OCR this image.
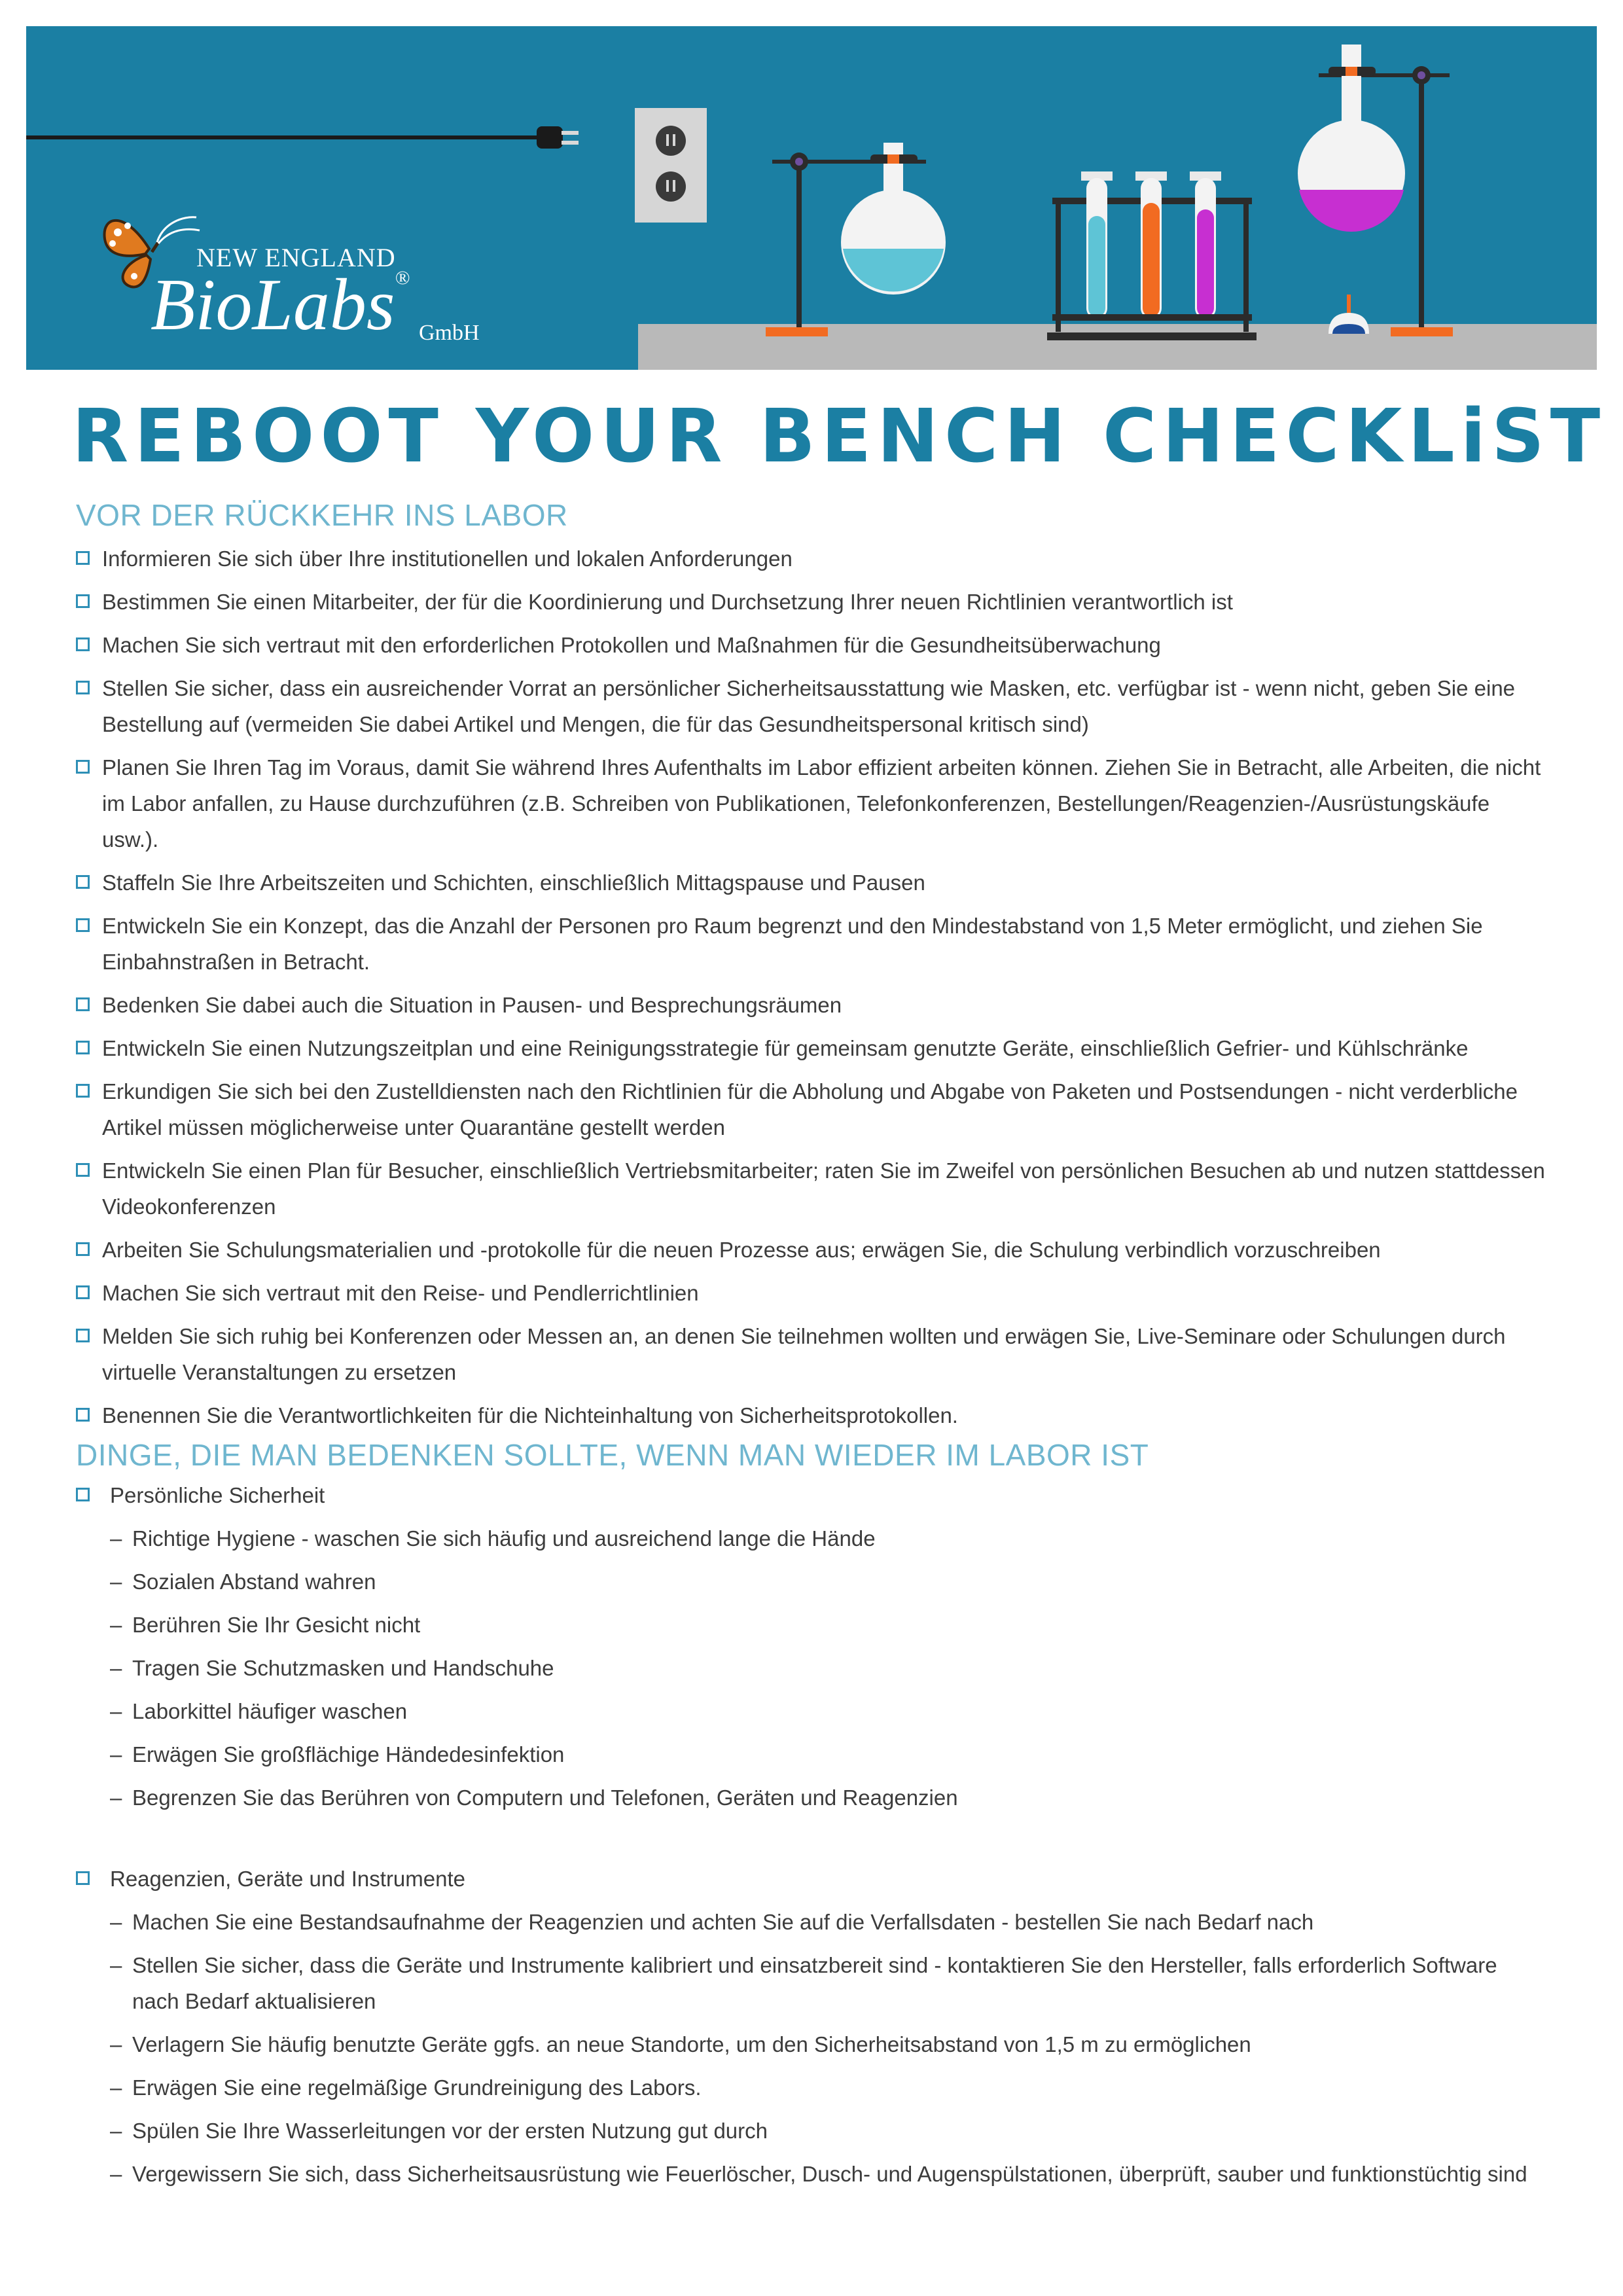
NEW ENGLAND
BioLabs®
GmbH
REBOOT YOUR BENCH CHECKLiST
VOR DER RÜCKKEHR INS LABOR
Informieren Sie sich über Ihre institutionellen und lokalen Anforderungen
Bestimmen Sie einen Mitarbeiter, der für die Koordinierung und Durchsetzung Ihrer neuen Richtlinien verantwortlich ist
Machen Sie sich vertraut mit den erforderlichen Protokollen und Maßnahmen für die Gesundheitsüberwachung
Stellen Sie sicher, dass ein ausreichender Vorrat an persönlicher Sicherheitsausstattung wie Masken, etc. verfügbar ist - wenn nicht, geben Sie eine Bestellung auf (vermeiden Sie dabei Artikel und Mengen, die für das Gesundheitspersonal kritisch sind)
Planen Sie Ihren Tag im Voraus, damit Sie während Ihres Aufenthalts im Labor effizient arbeiten können. Ziehen Sie in Betracht, alle Arbeiten, die nicht im Labor anfallen, zu Hause durchzuführen (z.B. Schreiben von Publikationen, Telefonkonferenzen, Bestellungen/Reagenzien-/Ausrüstungskäufe usw.).
Staffeln Sie Ihre Arbeitszeiten und Schichten, einschließlich Mittagspause und Pausen
Entwickeln Sie ein Konzept, das die Anzahl der Personen pro Raum begrenzt und den Mindestabstand von 1,5 Meter ermöglicht, und ziehen Sie Einbahnstraßen in Betracht.
Bedenken Sie dabei auch die Situation in Pausen- und Besprechungsräumen
Entwickeln Sie einen Nutzungszeitplan und eine Reinigungsstrategie für gemeinsam genutzte Geräte, einschließlich Gefrier- und Kühlschränke
Erkundigen Sie sich bei den Zustelldiensten nach den Richtlinien für die Abholung und Abgabe von Paketen und Postsendungen - nicht verderbliche Artikel müssen möglicherweise unter Quarantäne gestellt werden
Entwickeln Sie einen Plan für Besucher, einschließlich Vertriebsmitarbeiter; raten Sie im Zweifel von persönlichen Besuchen ab und nutzen stattdessen Videokonferenzen
Arbeiten Sie Schulungsmaterialien und -protokolle für die neuen Prozesse aus; erwägen Sie, die Schulung verbindlich vorzuschreiben
Machen Sie sich vertraut mit den Reise- und Pendlerrichtlinien
Melden Sie sich ruhig bei Konferenzen oder Messen an, an denen Sie teilnehmen wollten und erwägen Sie, Live-Seminare oder Schulungen durch virtuelle Veranstaltungen zu ersetzen
Benennen Sie die Verantwortlichkeiten für die Nichteinhaltung von Sicherheitsprotokollen.
DINGE, DIE MAN BEDENKEN SOLLTE, WENN MAN WIEDER IM LABOR IST
Persönliche Sicherheit
– Richtige Hygiene - waschen Sie sich häufig und ausreichend lange die Hände
– Sozialen Abstand wahren
– Berühren Sie Ihr Gesicht nicht
– Tragen Sie Schutzmasken und Handschuhe
– Laborkittel häufiger waschen
– Erwägen Sie großflächige Händedesinfektion
– Begrenzen Sie das Berühren von Computern und Telefonen, Geräten und Reagenzien
Reagenzien, Geräte und Instrumente
– Machen Sie eine Bestandsaufnahme der Reagenzien und achten Sie auf die Verfallsdaten - bestellen Sie nach Bedarf nach
– Stellen Sie sicher, dass die Geräte und Instrumente kalibriert und einsatzbereit sind - kontaktieren Sie den Hersteller, falls erforderlich Software nach Bedarf aktualisieren
– Verlagern Sie häufig benutzte Geräte ggfs. an neue Standorte, um den Sicherheitsabstand von 1,5 m zu ermöglichen
– Erwägen Sie eine regelmäßige Grundreinigung des Labors.
– Spülen Sie Ihre Wasserleitungen vor der ersten Nutzung gut durch
– Vergewissern Sie sich, dass Sicherheitsausrüstung wie Feuerlöscher, Dusch- und Augenspülstationen, überprüft, sauber und funktionstüchtig sind
